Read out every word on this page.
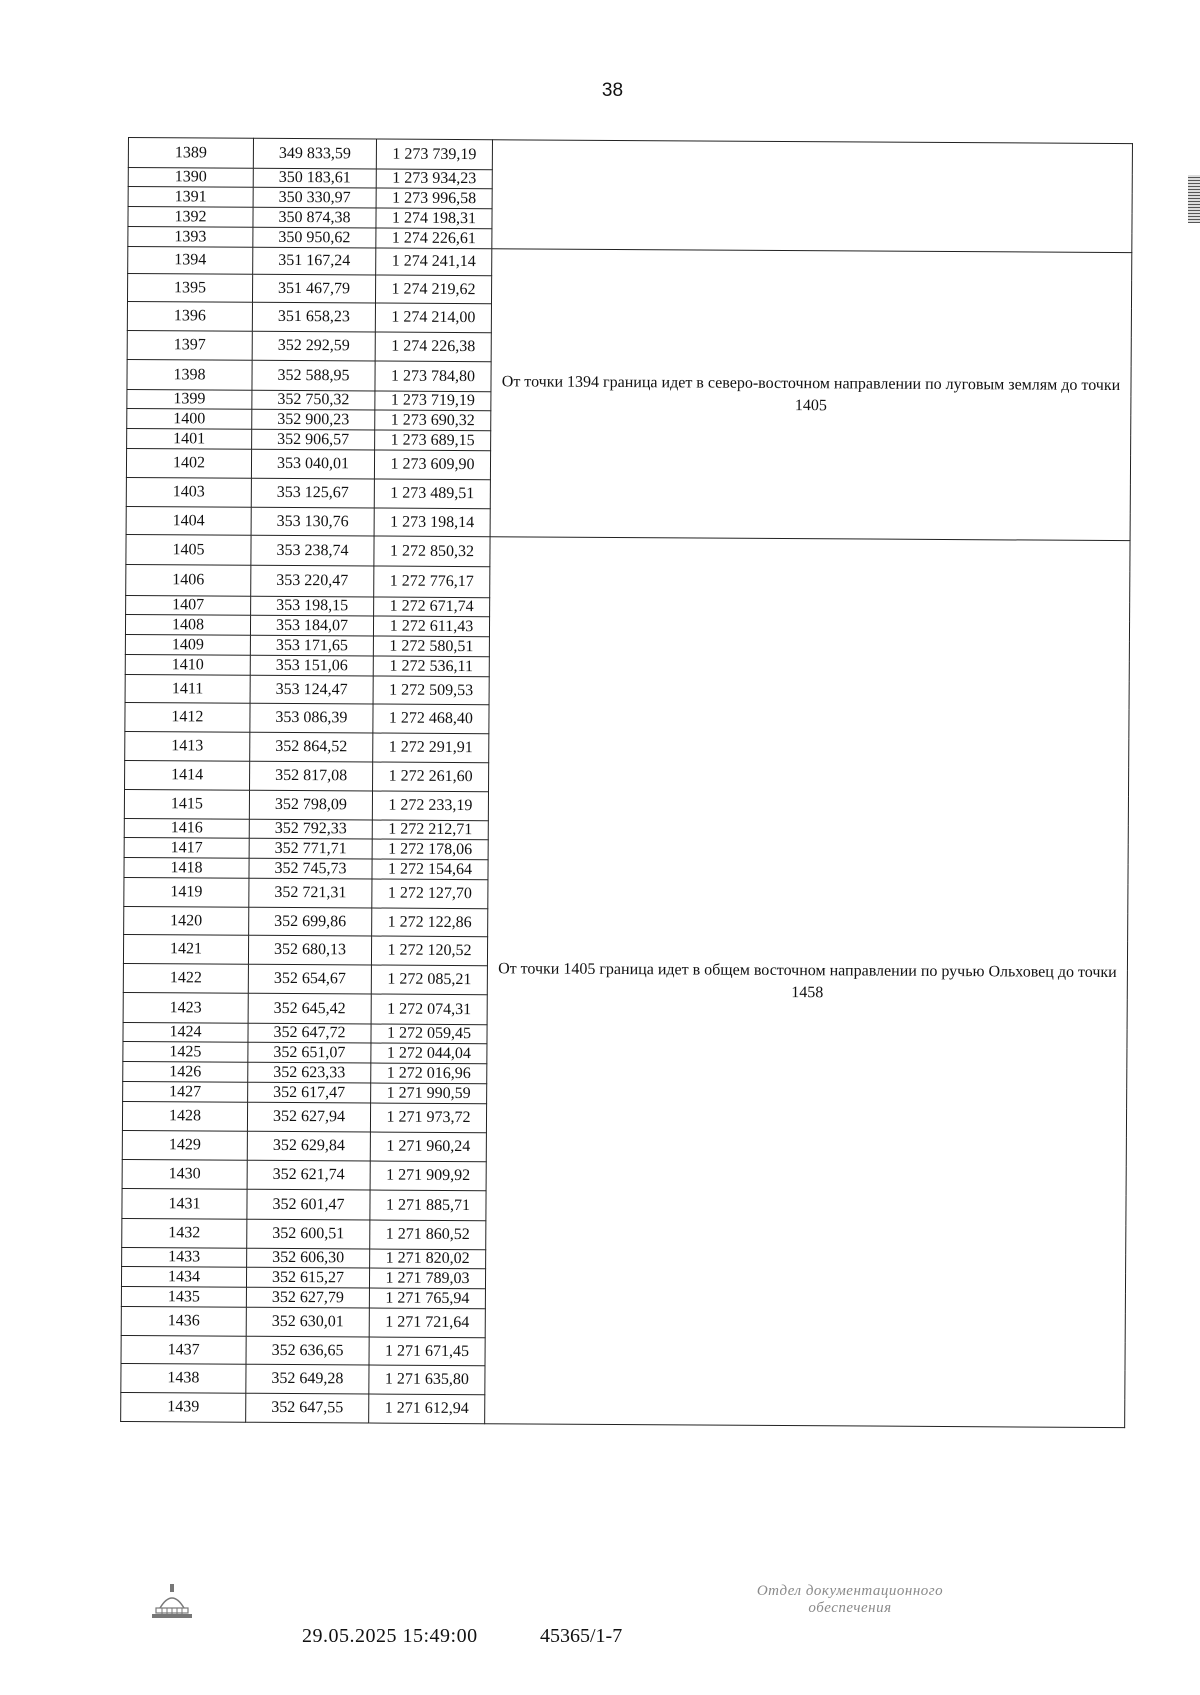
38
1389	349 833,59	1 273 739,19	
1390	350 183,61	1 273 934,23	
1391	350 330,97	1 273 996,58	
1392	350 874,38	1 274 198,31	
1393	350 950,62	1 274 226,61	
1394	351 167,24	1 274 241,14	От точки 1394 граница идет в северо-восточном направлении по луговым землям до точки 1405
1395	351 467,79	1 274 219,62	
1396	351 658,23	1 274 214,00	
1397	352 292,59	1 274 226,38	
1398	352 588,95	1 273 784,80	
1399	352 750,32	1 273 719,19	
1400	352 900,23	1 273 690,32	
1401	352 906,57	1 273 689,15	
1402	353 040,01	1 273 609,90	
1403	353 125,67	1 273 489,51	
1404	353 130,76	1 273 198,14	
1405	353 238,74	1 272 850,32	От точки 1405 граница идет в общем восточном направлении по ручью Ольховец до точки 1458
1406	353 220,47	1 272 776,17	
1407	353 198,15	1 272 671,74	
1408	353 184,07	1 272 611,43	
1409	353 171,65	1 272 580,51	
1410	353 151,06	1 272 536,11	
1411	353 124,47	1 272 509,53	
1412	353 086,39	1 272 468,40	
1413	352 864,52	1 272 291,91	
1414	352 817,08	1 272 261,60	
1415	352 798,09	1 272 233,19	
1416	352 792,33	1 272 212,71	
1417	352 771,71	1 272 178,06	
1418	352 745,73	1 272 154,64	
1419	352 721,31	1 272 127,70	
1420	352 699,86	1 272 122,86	
1421	352 680,13	1 272 120,52	
1422	352 654,67	1 272 085,21	
1423	352 645,42	1 272 074,31	
1424	352 647,72	1 272 059,45	
1425	352 651,07	1 272 044,04	
1426	352 623,33	1 272 016,96	
1427	352 617,47	1 271 990,59	
1428	352 627,94	1 271 973,72	
1429	352 629,84	1 271 960,24	
1430	352 621,74	1 271 909,92	
1431	352 601,47	1 271 885,71	
1432	352 600,51	1 271 860,52	
1433	352 606,30	1 271 820,02	
1434	352 615,27	1 271 789,03	
1435	352 627,79	1 271 765,94	
1436	352 630,01	1 271 721,64	
1437	352 636,65	1 271 671,45	
1438	352 649,28	1 271 635,80	
1439	352 647,55	1 271 612,94	
29.05.2025 15:49:00	45365/1-7
Отдел документационного
обеспечения
